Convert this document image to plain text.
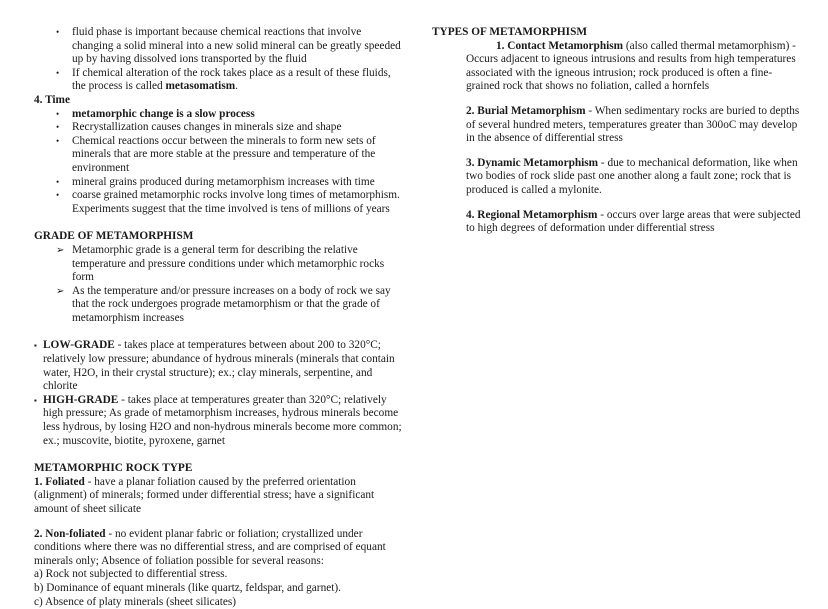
•	fluid phase is important because chemical reactions that involve changing a solid mineral into a new solid mineral can be greatly speeded up by having dissolved ions transported by the fluid
•	If chemical alteration of the rock takes place as a result of these fluids, the process is called metasomatism.
4. Time
•	metamorphic change is a slow process
•	Recrystallization causes changes in minerals size and shape
•	Chemical reactions occur between the minerals to form new sets of minerals that are more stable at the pressure and temperature of the environment
•	mineral grains produced during metamorphism increases with time
•	coarse grained metamorphic rocks involve long times of metamorphism. Experiments suggest that the time involved is tens of millions of years
GRADE OF METAMORPHISM
➢ Metamorphic grade is a general term for describing the relative temperature and pressure conditions under which metamorphic rocks form
➢ As the temperature and/or pressure increases on a body of rock we say that the rock undergoes prograde metamorphism or that the grade of metamorphism increases

▪ LOW-GRADE - takes place at temperatures between about 200 to 320°C; relatively low pressure; abundance of hydrous minerals (minerals that contain water, H2O, in their crystal structure); ex.; clay minerals, serpentine, and chlorite

▪ HIGH-GRADE - takes place at temperatures greater than 320°C; relatively high pressure; As grade of metamorphism increases, hydrous minerals become less hydrous, by losing H2O and non-hydrous minerals become more common; ex.; muscovite, biotite, pyroxene, garnet

METAMORPHIC ROCK TYPE

1. Foliated - have a planar foliation caused by the preferred orientation (alignment) of minerals; formed under differential stress; have a significant amount of sheet silicate

2. Non-foliated - no evident planar fabric or foliation; crystallized under conditions where there was no differential stress, and are comprised of equant minerals only; Absence of foliation possible for several reasons:

a) Rock not subjected to differential stress.

b) Dominance of equant minerals (like quartz, feldspar, and garnet).

c) Absence of platy minerals (sheet silicates)

TYPES OF METAMORPHISM

1. Contact Metamorphism (also called thermal metamorphism) - Occurs adjacent to igneous intrusions and results from high temperatures associated with the igneous intrusion; rock produced is often a fine-grained rock that shows no foliation, called a hornfels

2. Burial Metamorphism - When sedimentary rocks are buried to depths of several hundred meters, temperatures greater than 300oC may develop in the absence of differential stress

3. Dynamic Metamorphism - due to mechanical deformation, like when two bodies of rock slide past one another along a fault zone; rock that is produced is called a mylonite.

4. Regional Metamorphism - occurs over large areas that were subjected to high degrees of deformation under differential stress
